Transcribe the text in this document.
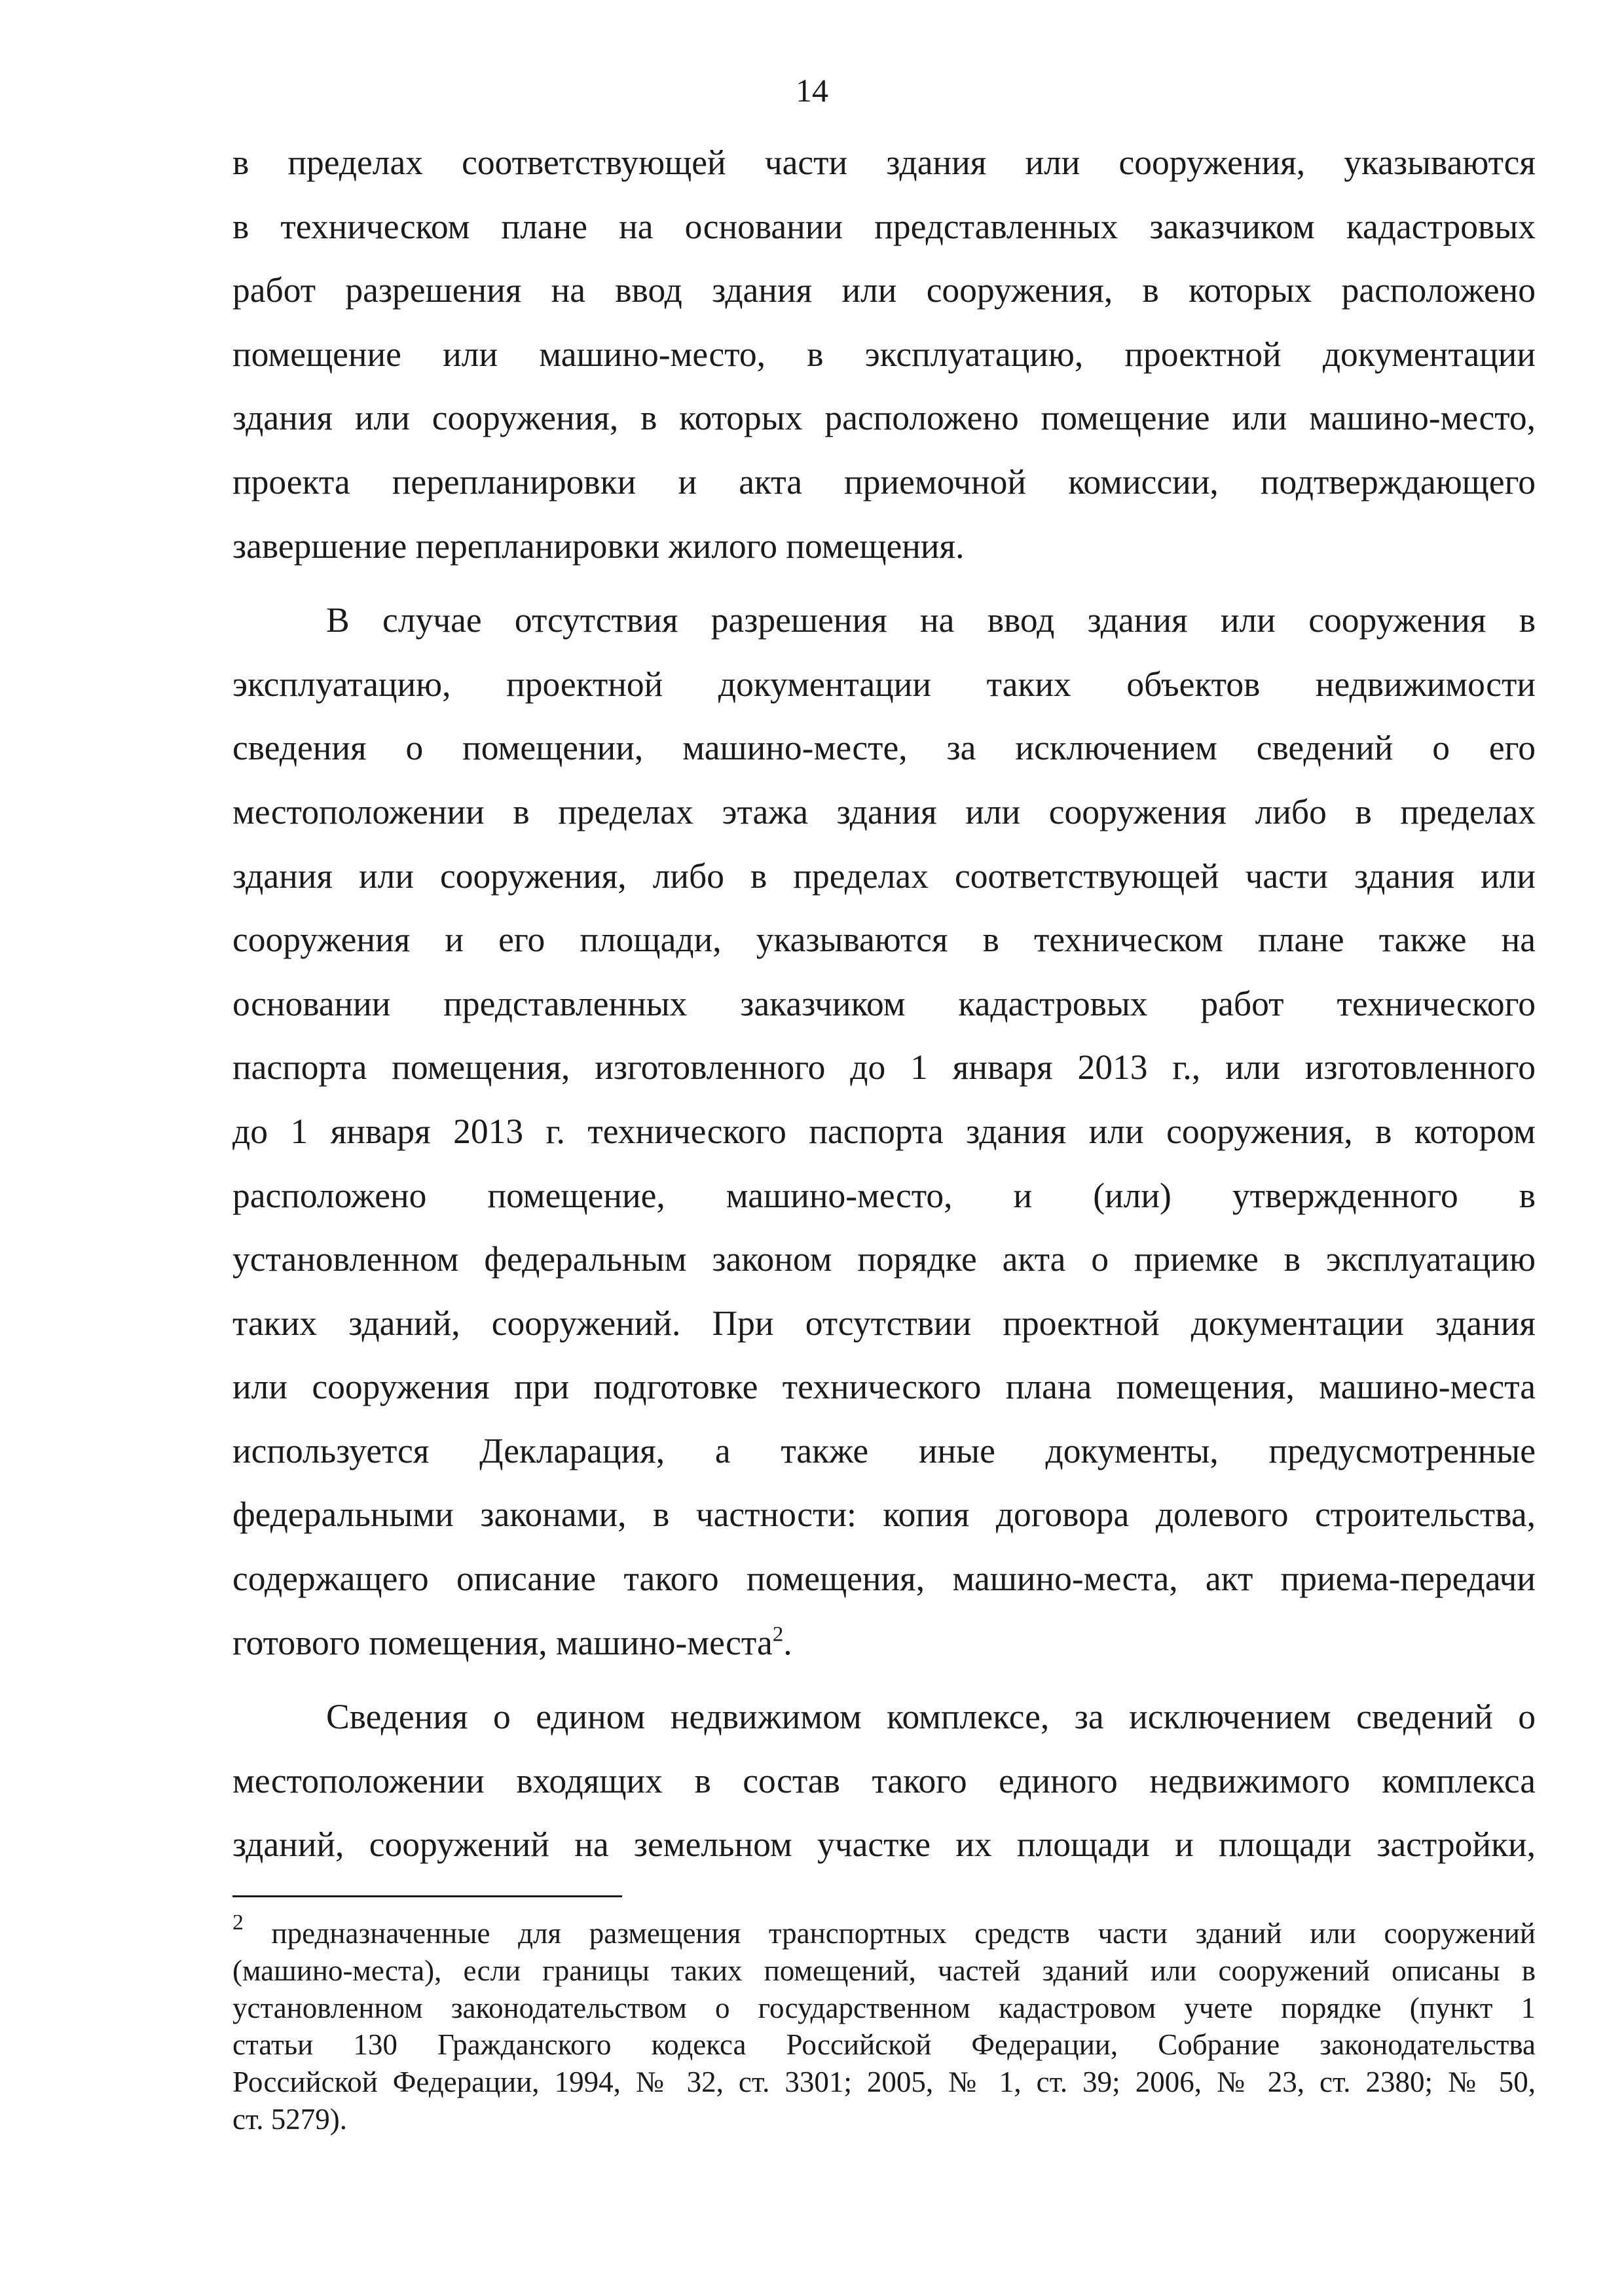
14
в пределах соответствующей части здания или сооружения, указываются
в техническом плане на основании представленных заказчиком кадастровых
работ разрешения на ввод здания или сооружения, в которых расположено
помещение или машино-место, в эксплуатацию, проектной документации
здания или сооружения, в которых расположено помещение или машино-место,
проекта перепланировки и акта приемочной комиссии, подтверждающего
завершение перепланировки жилого помещения.
В случае отсутствия разрешения на ввод здания или сооружения в
эксплуатацию, проектной документации таких объектов недвижимости
сведения о помещении, машино-месте, за исключением сведений о его
местоположении в пределах этажа здания или сооружения либо в пределах
здания или сооружения, либо в пределах соответствующей части здания или
сооружения и его площади, указываются в техническом плане также на
основании представленных заказчиком кадастровых работ технического
паспорта помещения, изготовленного до 1 января 2013 г., или изготовленного
до 1 января 2013 г. технического паспорта здания или сооружения, в котором
расположено помещение, машино-место, и (или) утвержденного в
установленном федеральным законом порядке акта о приемке в эксплуатацию
таких зданий, сооружений. При отсутствии проектной документации здания
или сооружения при подготовке технического плана помещения, машино-места
используется Декларация, а также иные документы, предусмотренные
федеральными законами, в частности: копия договора долевого строительства,
содержащего описание такого помещения, машино-места, акт приема-передачи
готового помещения, машино-места$^2$.
Сведения о едином недвижимом комплексе, за исключением сведений о
местоположении входящих в состав такого единого недвижимого комплекса
зданий, сооружений на земельном участке их площади и площади застройки,
$^2$ предназначенные для размещения транспортных средств части зданий или сооружений
(машино-места), если границы таких помещений, частей зданий или сооружений описаны в
установленном законодательством о государственном кадастровом учете порядке (пункт 1
статьи 130 Гражданского кодекса Российской Федерации, Собрание законодательства
Российской Федерации, 1994, № 32, ст. 3301; 2005, № 1, ст. 39; 2006, № 23, ст. 2380; № 50,
ст. 5279).
